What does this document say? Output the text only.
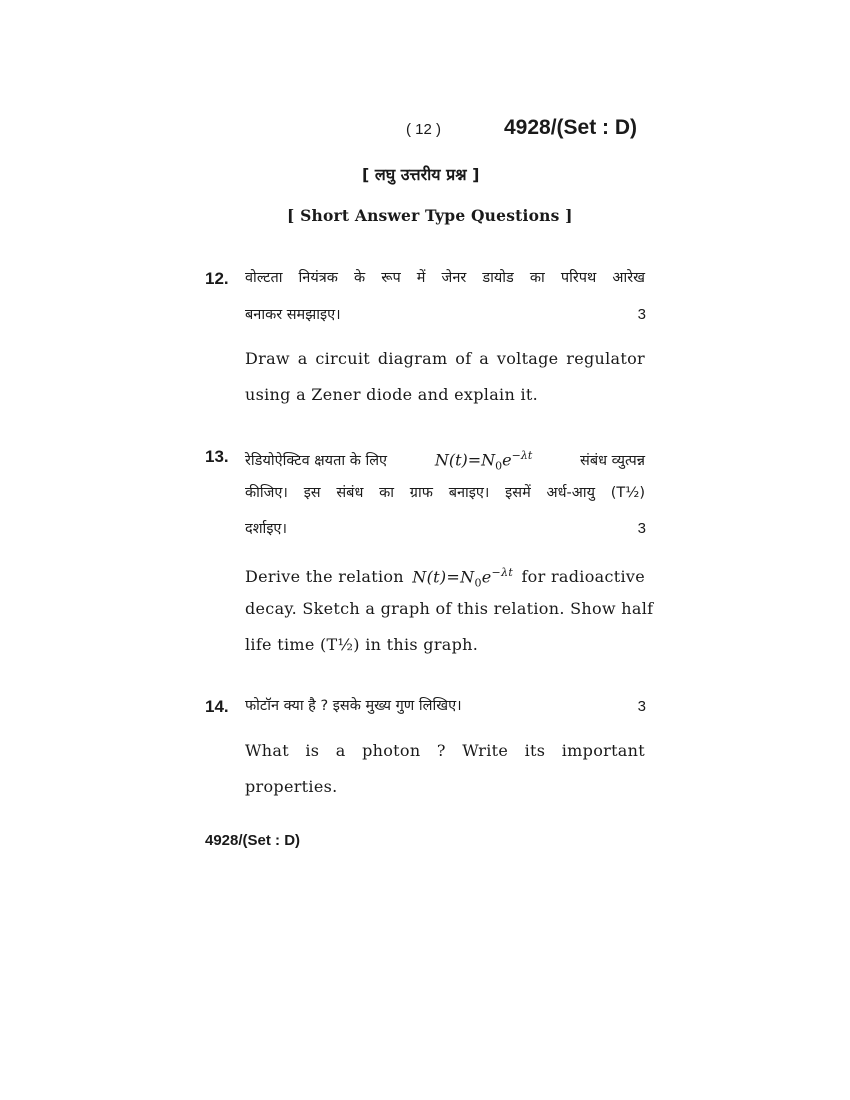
( 12 )	4928/(Set : D)
[ लघु उत्तरीय प्रश्न ]
[ Short Answer Type Questions ]
12. वोल्टता नियंत्रक के रूप में जेनर डायोड का परिपथ आरेख
बनाकर समझाइए।	3
Draw a circuit diagram of a voltage regulator
using a Zener diode and explain it.
13. रेडियोऐक्टिव क्षयता के लिए	$N(t)=N_0e^{-\lambda t}$	संबंध व्युत्पन्न
कीजिए। इस संबंध का ग्राफ बनाइए। इसमें अर्ध-आयु (T½)
दर्शाइए।	3
Derive the relation $N(t)=N_0e^{-\lambda t}$ for radioactive
decay. Sketch a graph of this relation. Show half
life time (T½) in this graph.
14. फोटॉन क्या है ? इसके मुख्य गुण लिखिए।	3
What is a photon ? Write its important
properties.
4928/(Set : D)
